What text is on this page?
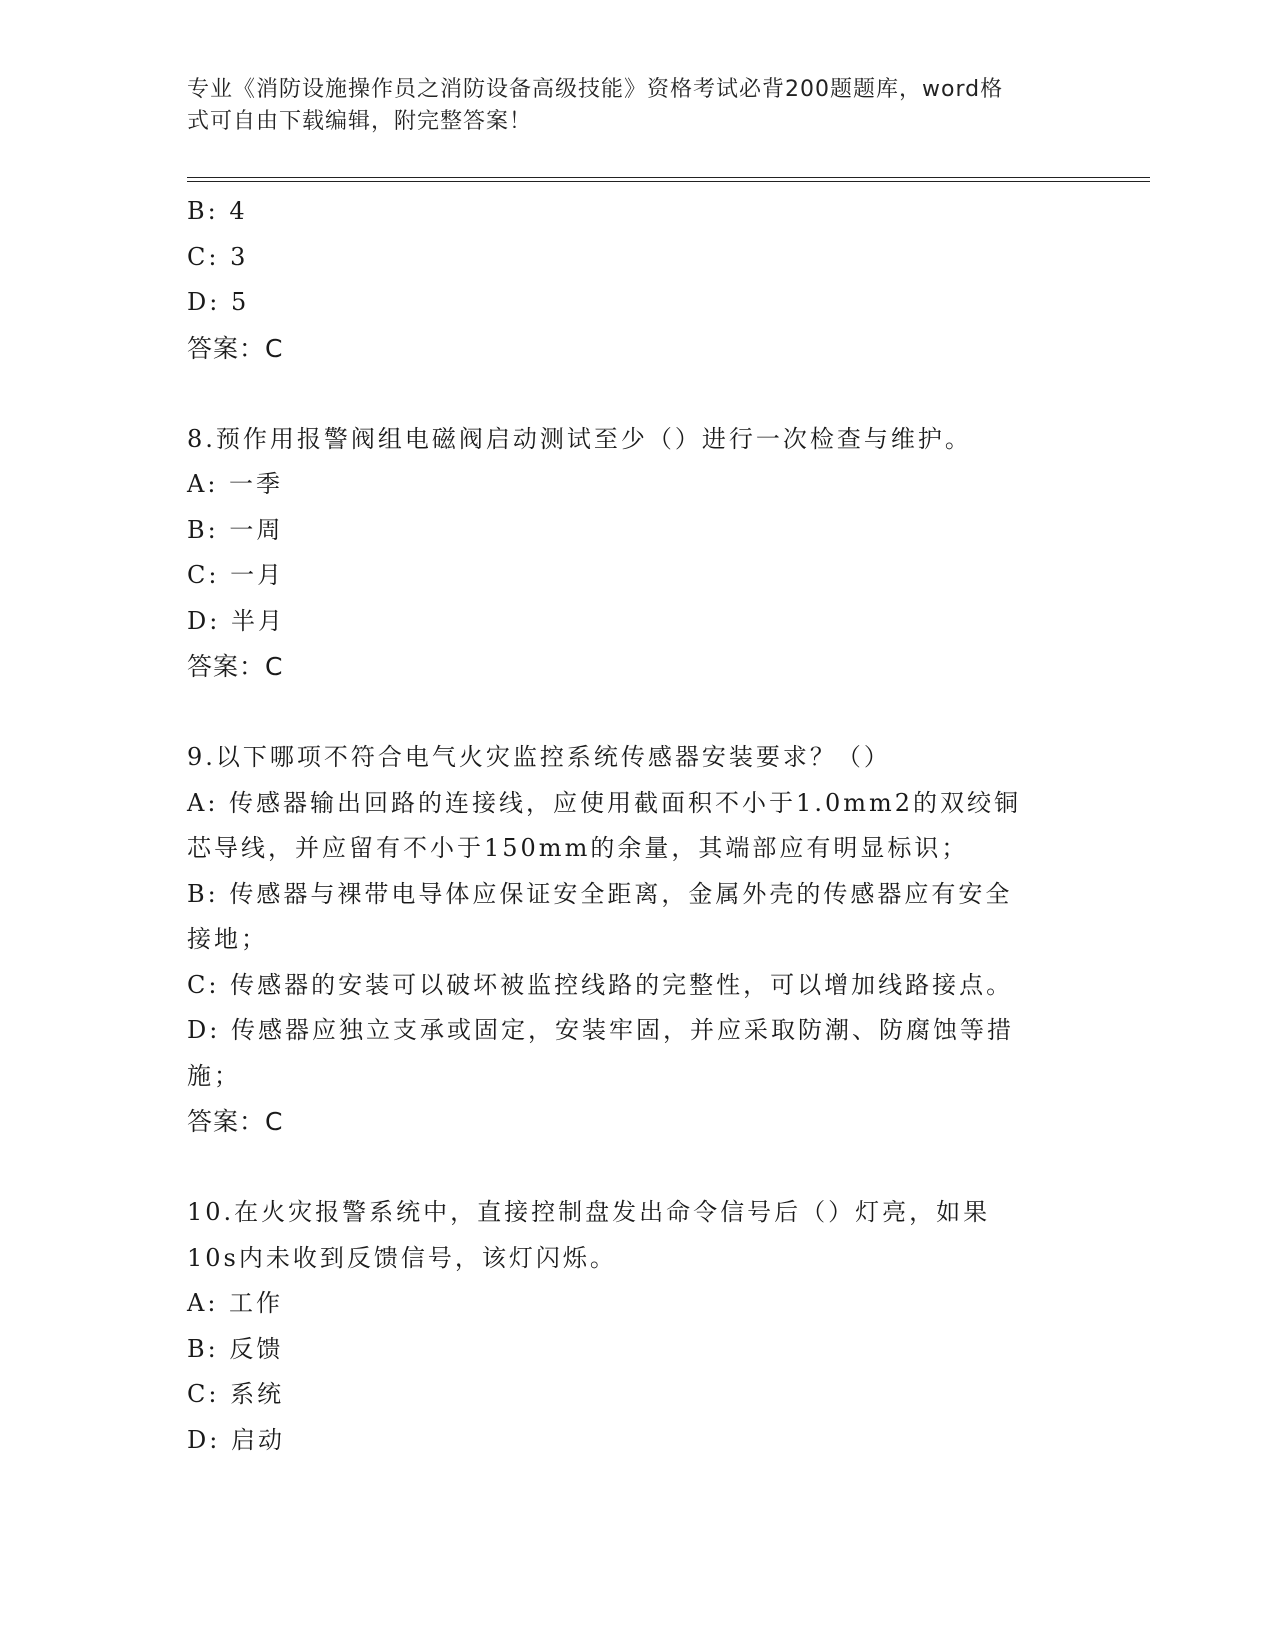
专业《消防设施操作员之消防设备高级技能》资格考试必背200题题库，word格
式可自由下载编辑，附完整答案！

B: 4

C: 3

D: 5

答案：C

8.预作用报警阀组电磁阀启动测试至少（）进行一次检查与维护。

A: 一季

B: 一周

C: 一月

D: 半月

答案：C

9.以下哪项不符合电气火灾监控系统传感器安装要求？（）

A: 传感器输出回路的连接线，应使用截面积不小于1.0mm2的双绞铜

芯导线，并应留有不小于150mm的余量，其端部应有明显标识；

B: 传感器与裸带电导体应保证安全距离，金属外壳的传感器应有安全

接地；

C: 传感器的安装可以破坏被监控线路的完整性，可以增加线路接点。

D: 传感器应独立支承或固定，安装牢固，并应采取防潮、防腐蚀等措

施；

答案：C

10.在火灾报警系统中，直接控制盘发出命令信号后（）灯亮，如果

10s内未收到反馈信号，该灯闪烁。

A: 工作

B: 反馈

C: 系统

D: 启动
